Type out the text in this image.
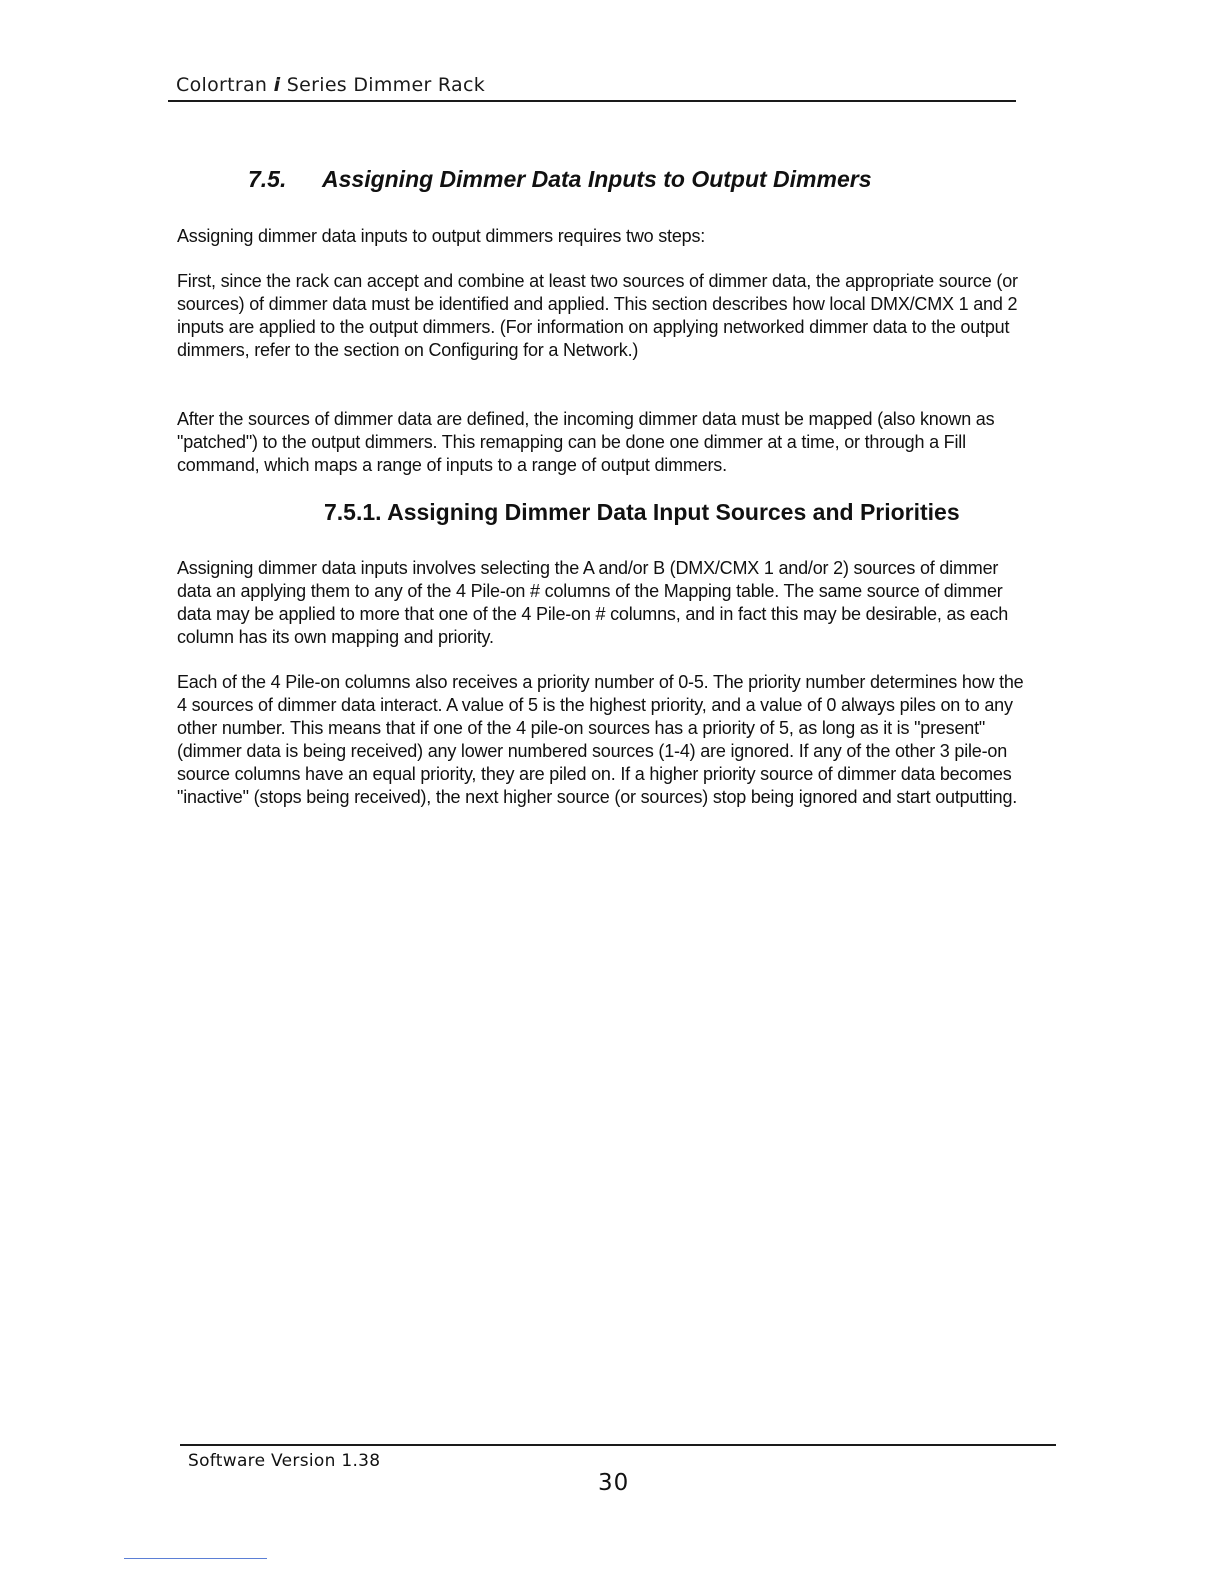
Colortran i Series Dimmer Rack
7.5. Assigning Dimmer Data Inputs to Output Dimmers

Assigning dimmer data inputs to output dimmers requires two steps:

First, since the rack can accept and combine at least two sources of dimmer data, the appropriate source (or sources) of dimmer data must be identified and applied. This section describes how local DMX/CMX 1 and 2 inputs are applied to the output dimmers. (For information on applying networked dimmer data to the output dimmers, refer to the section on Configuring for a Network.)

After the sources of dimmer data are defined, the incoming dimmer data must be mapped (also known as "patched") to the output dimmers. This remapping can be done one dimmer at a time, or through a Fill command, which maps a range of inputs to a range of output dimmers.

7.5.1. Assigning Dimmer Data Input Sources and Priorities

Assigning dimmer data inputs involves selecting the A and/or B (DMX/CMX 1 and/or 2) sources of dimmer data an applying them to any of the 4 Pile-on # columns of the Mapping table. The same source of dimmer data may be applied to more that one of the 4 Pile-on # columns, and in fact this may be desirable, as each column has its own mapping and priority.

Each of the 4 Pile-on columns also receives a priority number of 0-5. The priority number determines how the 4 sources of dimmer data interact. A value of 5 is the highest priority, and a value of 0 always piles on to any other number. This means that if one of the 4 pile-on sources has a priority of 5, as long as it is "present" (dimmer data is being received) any lower numbered sources (1-4) are ignored. If any of the other 3 pile-on source columns have an equal priority, they are piled on. If a higher priority source of dimmer data becomes "inactive" (stops being received), the next higher source (or sources) stop being ignored and start outputting.

Software Version 1.38
30
